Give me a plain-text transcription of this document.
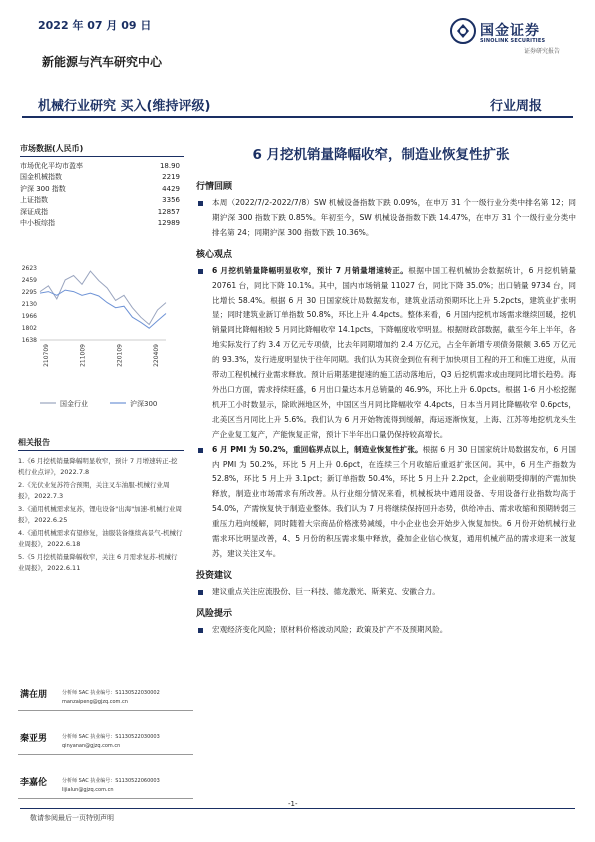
2022 年 07 月 09 日	国金证券
SINOLINK SECURITIES
证券研究报告
新能源与汽车研究中心
机械行业研究 买入(维持评级)	行业周报
市场数据(人民币)
市场优化平均市盈率	18.90
国金机械指数	2219
沪深 300 指数	4429
上证指数	3356
深证成指	12857
中小板综指	12989
2623
2459
2295
2130
1966
1802
1638
210709	211009	220109	220409
国金行业	沪深300
相关报告
1.《6 月挖机销量降幅明显收窄，预计 7 月增速转正-挖机行业点评》，2022.7.8
2.《光伏业复苏符合预期，关注叉车油服-机械行业周报》，2022.7.3
3.《通用机械需求复苏，锂电设备"出海"加速-机械行业周报》，2022.6.25
4.《通用机械需求有望修复，油服装备继续高景气-机械行业周报》，2022.6.18
5.《5 月挖机销量降幅收窄，关注 6 月需求复苏-机械行业周报》，2022.6.11
满在朋	分析师 SAC 执业编号：S1130522030002
manzaipeng@gjzq.com.cn
秦亚男	分析师 SAC 执业编号：S1130522030003
qinyanan@gjzq.com.cn
李嘉伦	分析师 SAC 执业编号：S1130522060003
lijialun@gjzq.com.cn
6 月挖机销量降幅收窄，制造业恢复性扩张
行情回顾
本周（2022/7/2-2022/7/8）SW 机械设备指数下跌 0.09%，在申万 31 个一级行业分类中排名第 12；同期沪深 300 指数下跌 0.85%。年初至今，SW 机械设备指数下跌 14.47%，在申万 31 个一级行业分类中排名第 24；同期沪深 300 指数下跌 10.36%。
核心观点
6 月挖机销量降幅明显收窄，预计 7 月销量增速转正。根据中国工程机械协会数据统计，6 月挖机销量 20761 台，同比下降 10.1%。其中，国内市场销量 11027 台，同比下降 35.0%；出口销量 9734 台，同比增长 58.4%。根据 6 月 30 日国家统计局数据发布，建筑业活动预期环比上升 5.2pcts，建筑业扩张明显；同时建筑业新订单指数 50.8%，环比上升 4.4pcts。整体来看，6 月国内挖机市场需求继续回暖，挖机销量同比降幅相较 5 月同比降幅收窄 14.1pcts，下降幅度收窄明显。根据财政部数据，截至今年上半年，各地实际发行了约 3.4 万亿元专项债，比去年同期增加约 2.4 万亿元，占全年新增专项债务限额 3.65 万亿元的 93.3%，发行进度明显快于往年同期。我们认为其资金到位有利于加快项目工程的开工和施工进度，从而带动工程机械行业需求释放。预计后期基建提速的施工活动落地后，Q3 后挖机需求或由现同比增长趋势。海外出口方面，需求持续旺盛，6 月出口量达本月总销量的 46.9%，环比上升 6.0pcts。根据 1-6 月小松挖掘机开工小时数显示，除欧洲地区外，中国区当月同比降幅收窄 4.4pcts，日本当月同比降幅收窄 0.6pcts，北美区当月同比上升 5.6%。我们认为 6 月开始物流得到缓解，海运逐渐恢复，上海、江苏等地挖机龙头生产企业复工复产，产能恢复正常，预计下半年出口量仍保持较高增长。
6 月 PMI 为 50.2%，重回临界点以上，制造业恢复性扩张。根据 6 月 30 日国家统计局数据发布，6 月国内 PMI 为 50.2%，环比 5 月上升 0.6pct，在连续三个月收缩后重返扩张区间。其中，6 月生产指数为 52.8%，环比 5 月上升 3.1pct；新订单指数 50.4%，环比 5 月上升 2.2pct，企业前期受抑制的产需加快释放，制造业市场需求有所改善。从行业细分情况来看，机械板块中通用设备、专用设备行业指数均高于 54.0%，产需恢复快于制造业整体。我们认为 7 月将继续保持回升态势，供给冲击、需求收缩和预期转弱三重压力趋向缓解，同时随着大宗商品价格涨势减缓，中小企业也会开始步入恢复加快。6 月份开始机械行业需求环比明显改善，4、5 月份的积压需求集中释放，叠加企业信心恢复，通用机械产品的需求迎来一波复苏，建议关注叉车。
投资建议
建议重点关注应流股份、巨一科技、德龙激光、斯莱克、安徽合力。
风险提示
宏观经济变化风险；原材料价格波动风险；政策及扩产不及预期风险。
-1-
敬请参阅最后一页特别声明
